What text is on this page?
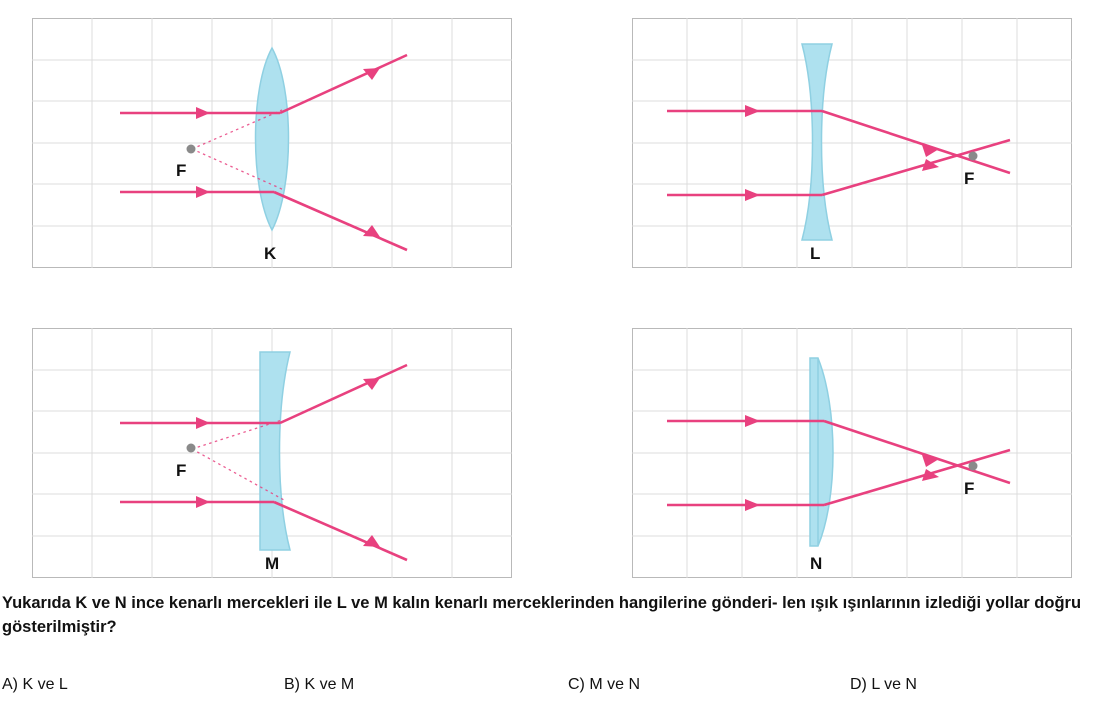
F
K
F
L
F
M
F
N
Yukarıda K ve N ince kenarlı mercekleri ile L ve M kalın kenarlı merceklerinden hangilerine gönderi- len ışık ışınlarının izlediği yollar doğru gösterilmiştir?
A) K ve L	B) K ve M	C) M ve N	D) L ve N
